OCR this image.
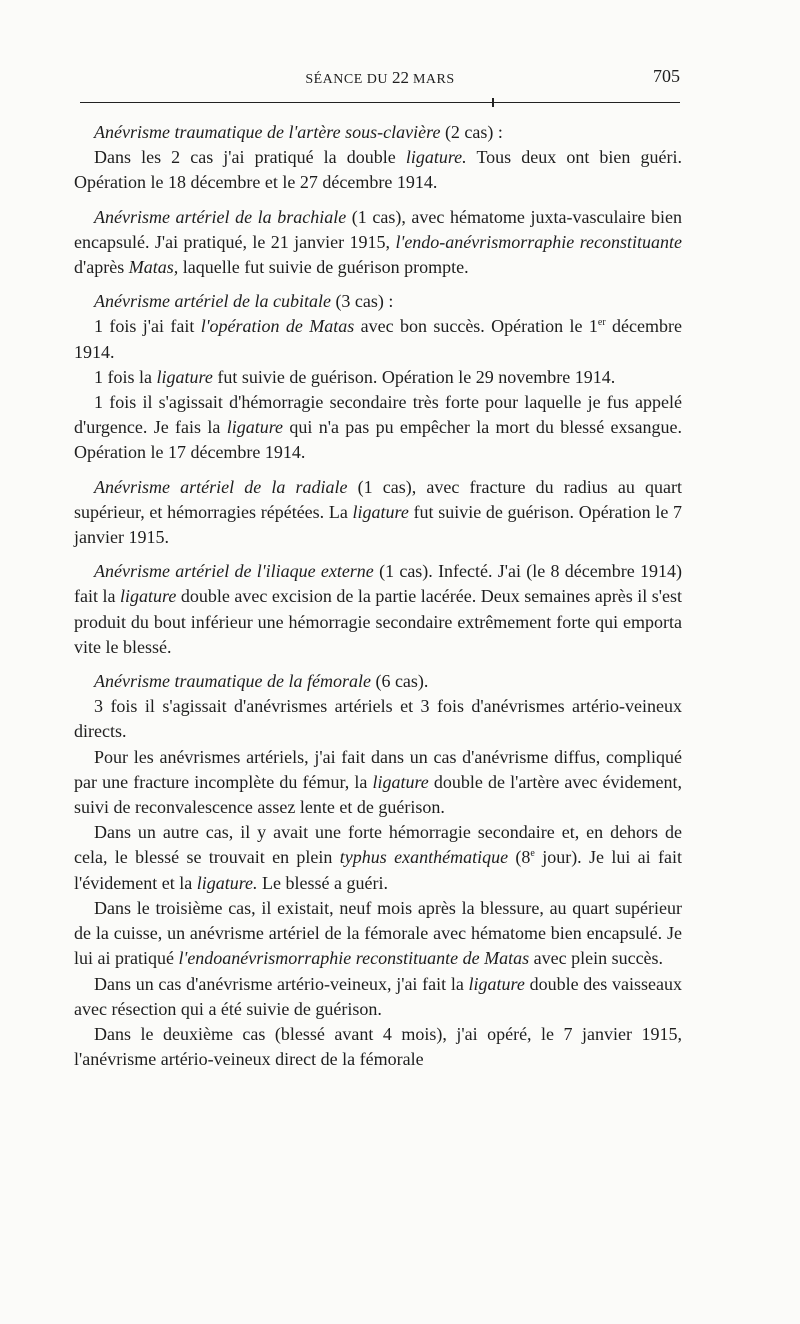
SÉANCE DU 22 MARS	705

Anévrisme traumatique de l'artère sous-clavière (2 cas) :

Dans les 2 cas j'ai pratiqué la double ligature. Tous deux ont bien guéri. Opération le 18 décembre et le 27 décembre 1914.

Anévrisme artériel de la brachiale (1 cas), avec hématome juxta-vasculaire bien encapsulé. J'ai pratiqué, le 21 janvier 1915, l'endo-anévrismorraphie reconstituante d'après Matas, laquelle fut suivie de guérison prompte.

Anévrisme artériel de la cubitale (3 cas) :

1 fois j'ai fait l'opération de Matas avec bon succès. Opération le 1er décembre 1914.

1 fois la ligature fut suivie de guérison. Opération le 29 novembre 1914.

1 fois il s'agissait d'hémorragie secondaire très forte pour laquelle je fus appelé d'urgence. Je fais la ligature qui n'a pas pu empêcher la mort du blessé exsangue. Opération le 17 décembre 1914.

Anévrisme artériel de la radiale (1 cas), avec fracture du radius au quart supérieur, et hémorragies répétées. La ligature fut suivie de guérison. Opération le 7 janvier 1915.

Anévrisme artériel de l'iliaque externe (1 cas). Infecté. J'ai (le 8 décembre 1914) fait la ligature double avec excision de la partie lacérée. Deux semaines après il s'est produit du bout inférieur une hémorragie secondaire extrêmement forte qui emporta vite le blessé.

Anévrisme traumatique de la fémorale (6 cas).

3 fois il s'agissait d'anévrismes artériels et 3 fois d'anévrismes artério-veineux directs.

Pour les anévrismes artériels, j'ai fait dans un cas d'anévrisme diffus, compliqué par une fracture incomplète du fémur, la ligature double de l'artère avec évidement, suivi de reconvalescence assez lente et de guérison.

Dans un autre cas, il y avait une forte hémorragie secondaire et, en dehors de cela, le blessé se trouvait en plein typhus exanthématique (8e jour). Je lui ai fait l'évidement et la ligature. Le blessé a guéri.

Dans le troisième cas, il existait, neuf mois après la blessure, au quart supérieur de la cuisse, un anévrisme artériel de la fémorale avec hématome bien encapsulé. Je lui ai pratiqué l'endoanévrismorraphie reconstituante de Matas avec plein succès.

Dans un cas d'anévrisme artério-veineux, j'ai fait la ligature double des vaisseaux avec résection qui a été suivie de guérison.

Dans le deuxième cas (blessé avant 4 mois), j'ai opéré, le 7 janvier 1915, l'anévrisme artério-veineux direct de la fémorale
